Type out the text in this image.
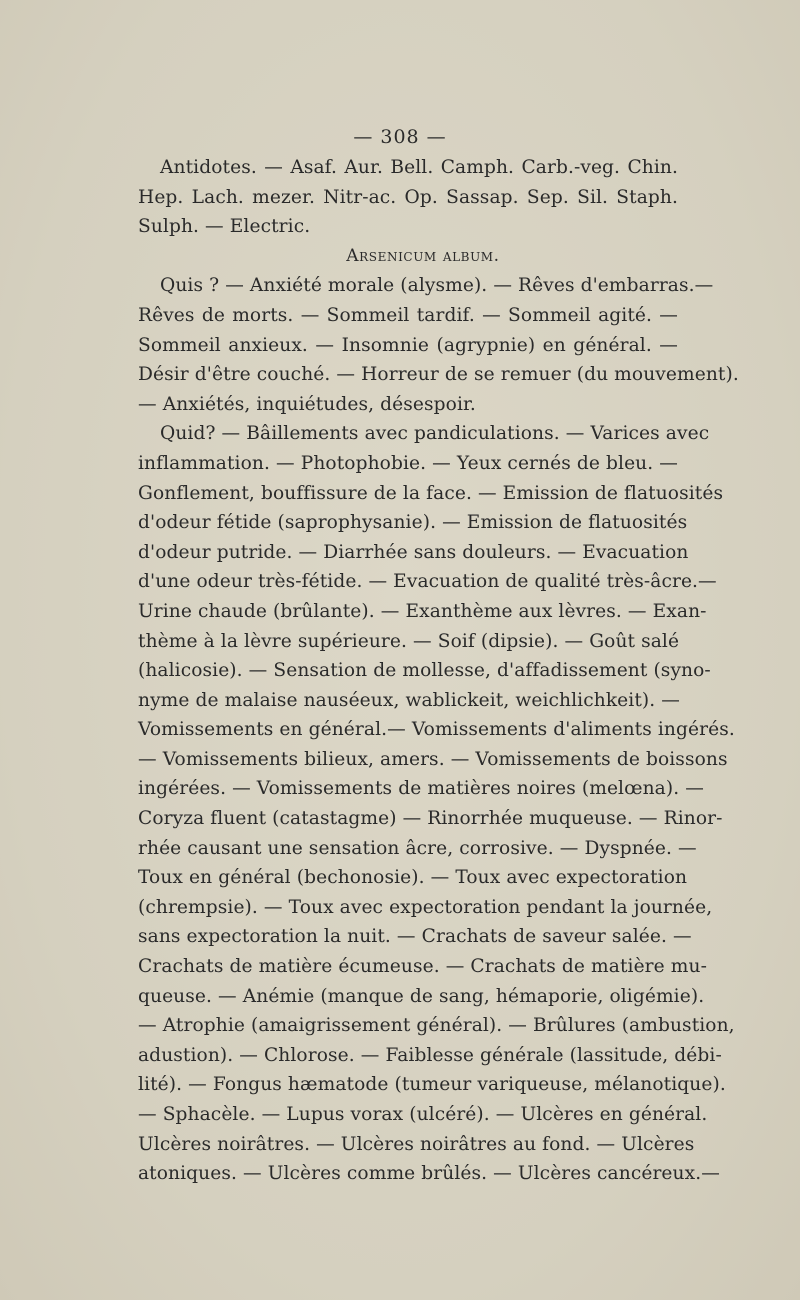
— 308 —
Antidotes. — Asaf. Aur. Bell. Camph. Carb.-veg. Chin.
Hep. Lach. mezer. Nitr-ac. Op. Sassap. Sep. Sil. Staph.
Sulph. — Electric.
Arsenicum album.
Quis ? — Anxiété morale (alysme). — Rêves d'embarras.—
Rêves de morts. — Sommeil tardif. — Sommeil agité. —
Sommeil anxieux. — Insomnie (agrypnie) en général. —
Désir d'être couché. — Horreur de se remuer (du mouvement).
— Anxiétés, inquiétudes, désespoir.
Quid? — Bâillements avec pandiculations. — Varices avec
inflammation. — Photophobie. — Yeux cernés de bleu. —
Gonflement, bouffissure de la face. — Emission de flatuosités
d'odeur fétide (saprophysanie). — Emission de flatuosités
d'odeur putride. — Diarrhée sans douleurs. — Evacuation
d'une odeur très-fétide. — Evacuation de qualité très-âcre.—
Urine chaude (brûlante). — Exanthème aux lèvres. — Exan-
thème à la lèvre supérieure. — Soif (dipsie). — Goût salé
(halicosie). — Sensation de mollesse, d'affadissement (syno-
nyme de malaise nauséeux, wablickeit, weichlichkeit). —
Vomissements en général.— Vomissements d'aliments ingérés.
— Vomissements bilieux, amers. — Vomissements de boissons
ingérées. — Vomissements de matières noires (melœna). —
Coryza fluent (catastagme) — Rinorrhée muqueuse. — Rinor-
rhée causant une sensation âcre, corrosive. — Dyspnée. —
Toux en général (bechonosie). — Toux avec expectoration
(chrempsie). — Toux avec expectoration pendant la journée,
sans expectoration la nuit. — Crachats de saveur salée. —
Crachats de matière écumeuse. — Crachats de matière mu-
queuse. — Anémie (manque de sang, hémaporie, oligémie).
— Atrophie (amaigrissement général). — Brûlures (ambustion,
adustion). — Chlorose. — Faiblesse générale (lassitude, débi-
lité). — Fongus hæmatode (tumeur variqueuse, mélanotique).
— Sphacèle. — Lupus vorax (ulcéré). — Ulcères en général.
Ulcères noirâtres. — Ulcères noirâtres au fond. — Ulcères
atoniques. — Ulcères comme brûlés. — Ulcères cancéreux.—
